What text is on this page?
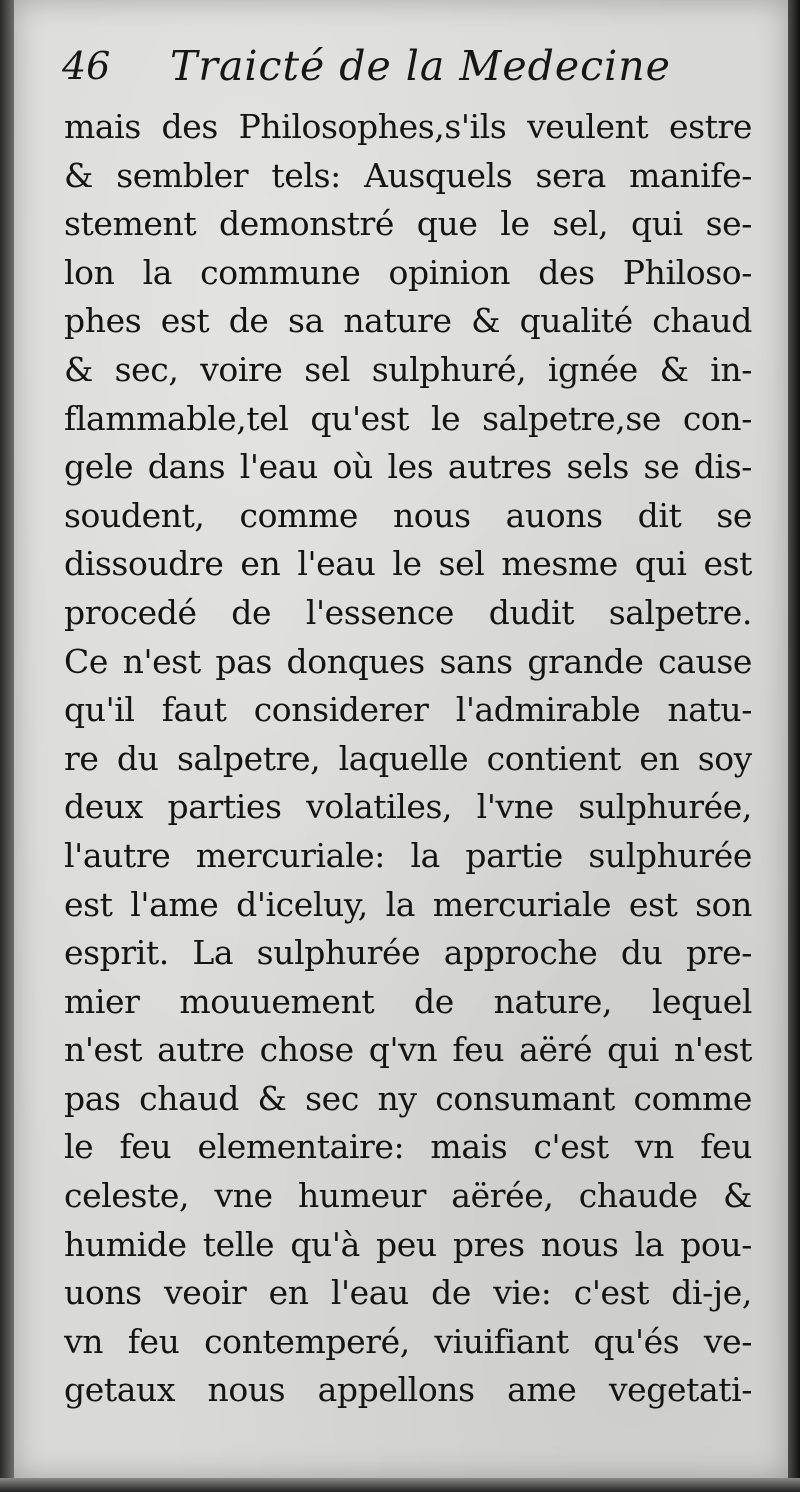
46 Traicté de la Medecine
mais des Philosophes,s'ils veulent estre
& sembler tels: Ausquels sera manife-
stement demonstré que le sel, qui se-
lon la commune opinion des Philoso-
phes est de sa nature & qualité chaud
& sec, voire sel sulphuré, ignée & in-
flammable,tel qu'est le salpetre,se con-
gele dans l'eau où les autres sels se dis-
soudent, comme nous auons dit se
dissoudre en l'eau le sel mesme qui est
procedé de l'essence dudit salpetre.
Ce n'est pas donques sans grande cause
qu'il faut considerer l'admirable natu-
re du salpetre, laquelle contient en soy
deux parties volatiles, l'vne sulphurée,
l'autre mercuriale: la partie sulphurée
est l'ame d'iceluy, la mercuriale est son
esprit. La sulphurée approche du pre-
mier mouuement de nature, lequel
n'est autre chose q'vn feu aëré qui n'est
pas chaud & sec ny consumant comme
le feu elementaire: mais c'est vn feu
celeste, vne humeur aërée, chaude &
humide telle qu'à peu pres nous la pou-
uons veoir en l'eau de vie: c'est di-je,
vn feu contemperé, viuifiant qu'és ve-
getaux nous appellons ame vegetati-
